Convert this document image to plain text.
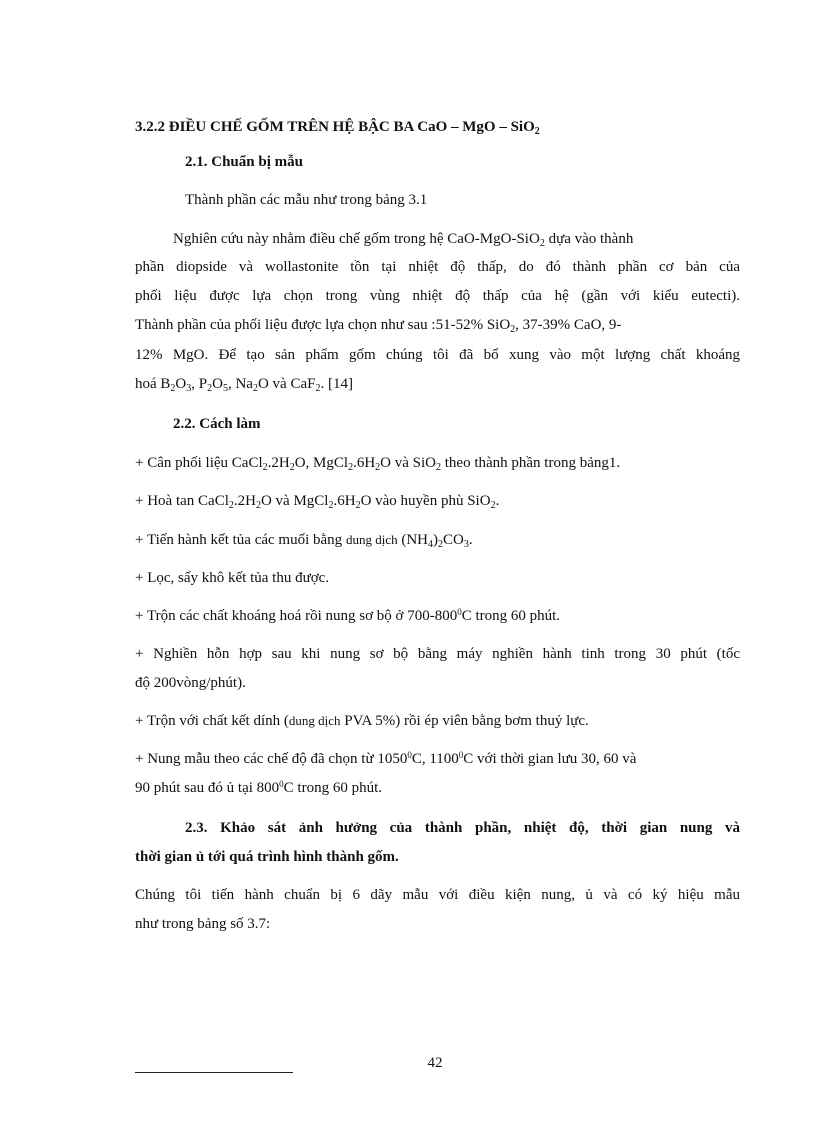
3.2.2 ĐIỀU CHẾ GỐM TRÊN HỆ BẬC BA CaO – MgO – SiO$_2$
2.1. Chuẩn bị mẫu
Thành phần các mẫu như trong bảng 3.1
Nghiên cứu này nhằm điều chế gốm trong hệ CaO-MgO-SiO$_2$ dựa vào thành
phần diopside và wollastonite tồn tại nhiệt độ thấp, do đó thành phần cơ bản của
phối liệu được lựa chọn trong vùng nhiệt độ thấp của hệ (gần với kiểu eutecti).
Thành phần của phối liệu được lựa chọn như sau :51-52% SiO$_2$, 37-39% CaO, 9-
12% MgO. Để tạo sản phẩm gốm chúng tôi đã bổ xung vào một lượng chất khoáng
hoá $B_2O_3$, $P_2O_5$, $Na_2O$ và CaF$_2$. [14]
2.2. Cách làm
+ Cân phối liệu $CaCl_2.2H_2O$, $MgCl_2.6H_2O$ và SiO$_2$ theo thành phần trong bảng1.
+ Hoà $\tan CaCl_2.2H_2O$ và $MgCl_2.6H_2O$ vào huyền phù SiO$_2$.
+ Tiến hành kết tủa các muối bằng dung dịch $(NH_4)_2CO_3$.
+ Lọc, sấy khô kết tủa thu được.
+ Trộn các chất khoáng hoá rồi nung sơ bộ ở $700-800^0C$ trong 60 phút.
+ Nghiền hỗn hợp sau khi nung sơ bộ bằng máy nghiền hành tinh trong 30 phút (tốc
độ 200vòng/phút).
+ Trộn với chất kết dính (dung dịch PVA 5%) rồi ép viên bằng bơm thuỷ lực.
+ Nung mẫu theo các chế độ đã chọn từ 1050$^0$C, 1100$^0$C với thời gian lưu 30, 60 và
90 phút sau đó ủ tại $800^0C$ trong 60 phút.
2.3. Khảo sát ảnh hưởng của thành phần, nhiệt độ, thời gian nung và
thời gian ủ tới quá trình hình thành gốm.
Chúng tôi tiến hành chuẩn bị 6 dãy mẫu với điều kiện nung, ủ và có ký hiệu mẫu
như trong bảng số 3.7:
42
